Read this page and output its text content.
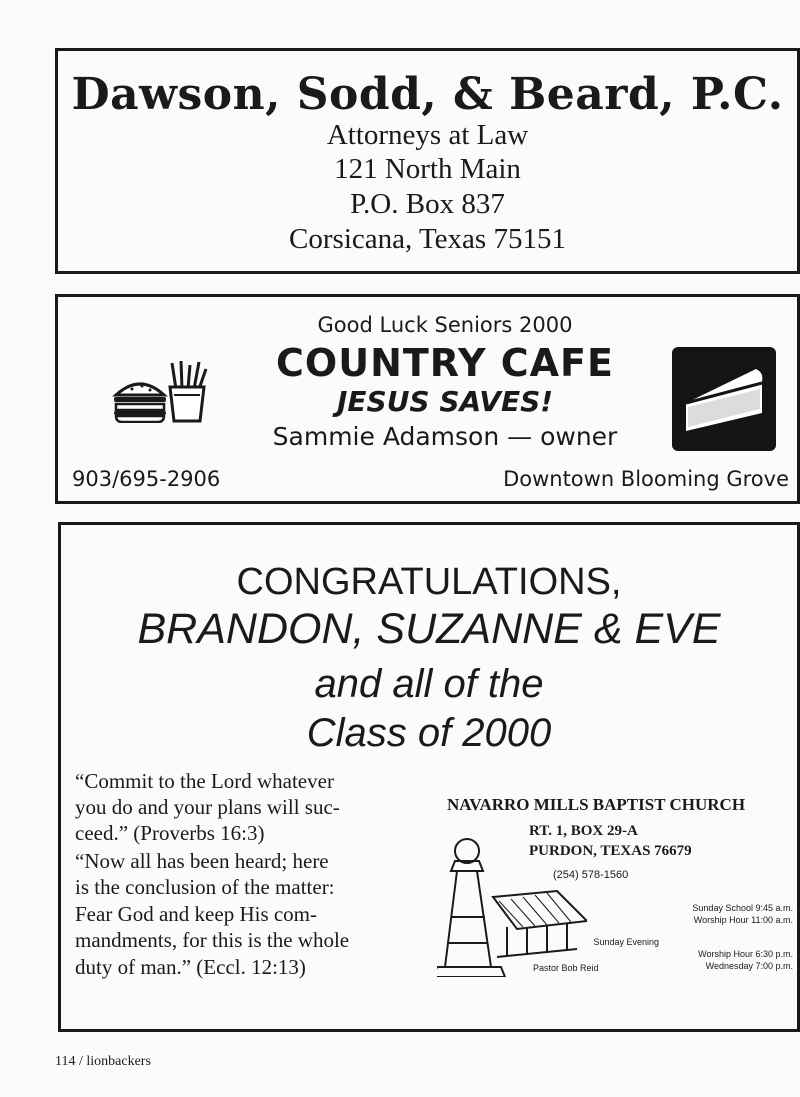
Dawson, Sodd, & Beard, P.C.
Attorneys at Law
121 North Main
P.O. Box 837
Corsicana, Texas 75151
Good Luck Seniors 2000
COUNTRY CAFE
JESUS SAVES!
Sammie Adamson — owner
903/695-2906	Downtown Blooming Grove
CONGRATULATIONS,
BRANDON, SUZANNE & EVE
and all of the
Class of 2000
“Commit to the Lord whatever
you do and your plans will suc-
ceed.” (Proverbs 16:3)
“Now all has been heard; here
is the conclusion of the matter:
Fear God and keep His com-
mandments, for this is the whole
duty of man.” (Eccl. 12:13)
NAVARRO MILLS BAPTIST CHURCH
RT. 1, BOX 29-A
PURDON, TEXAS 76679
(254) 578-1560
Sunday School 9:45 a.m.
Worship Hour 11:00 a.m.
Sunday Evening
Worship Hour 6:30 p.m.
Wednesday 7:00 p.m.
Pastor Bob Reid
114 / lionbackers
